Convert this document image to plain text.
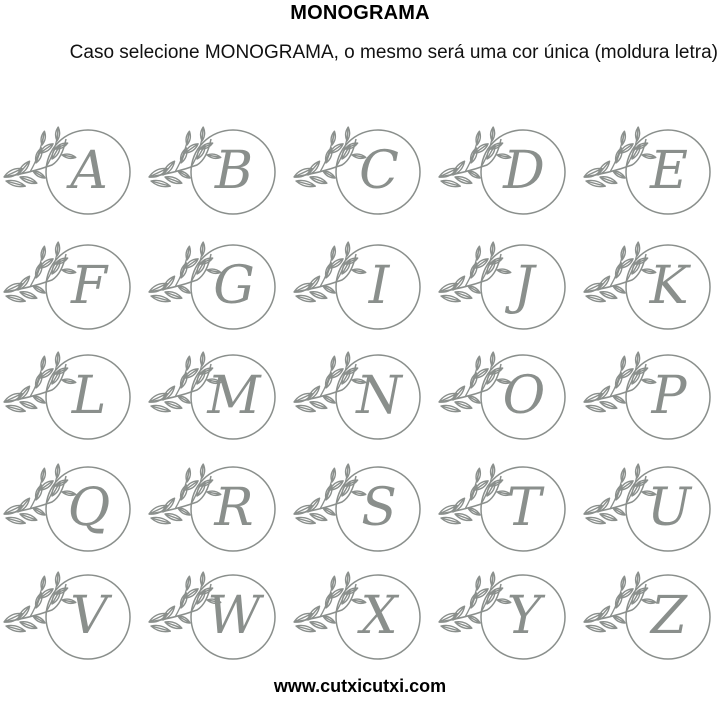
MONOGRAMA
Caso selecione MONOGRAMA, o mesmo será uma cor única (moldura letra)
A	B	C D	E
F	G	I	J	K
L	M N O	P
Q R	S	T	U
V	W	X	Y	Z
www.cutxicutxi.com
